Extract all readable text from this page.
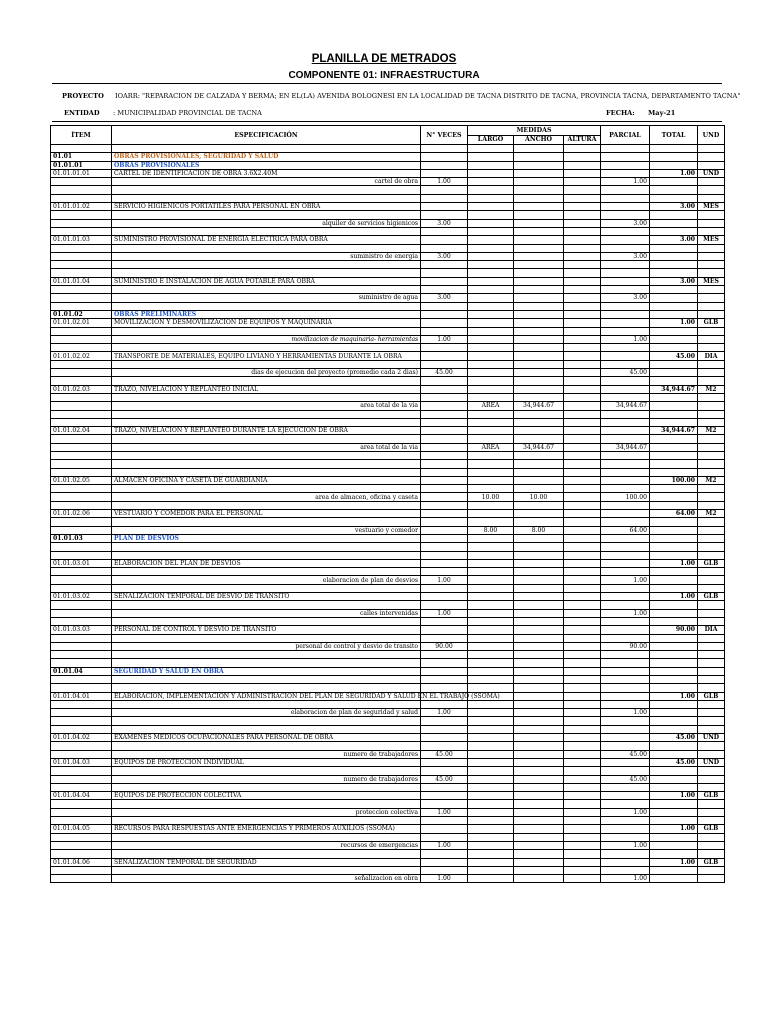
PLANILLA DE METRADOS
COMPONENTE 01: INFRAESTRUCTURA
PROYECTO IOARR: "REPARACION DE CALZADA Y BERMA; EN EL(LA) AVENIDA BOLOGNESI EN LA LOCALIDAD DE TACNA DISTRITO DE TACNA, PROVINCIA TACNA, DEPARTAMENTO TACNA"
ENTIDAD : MUNICIPALIDAD PROVINCIAL DE TACNA	FECHA: May-21
ÍTEM	ESPECIFICACIÓN	N° VECES	MEDIDAS			PARCIAL	TOTAL	UND
			LARGO	ANCHO	ALTURA			

01.01	OBRAS PROVISIONALES, SEGURIDAD Y SALUD							
01.01.01	OBRAS PROVISIONALES							
01.01.01.01	CARTEL DE IDENTIFICACION DE OBRA 3.6X2.40M						1.00	UND
	cartel de obra	1.00				1.00		

01.01.01.02	SERVICIO HIGIENICOS PORTATILES PARA PERSONAL EN OBRA						3.00	MES

	alquiler de servicios higienicos	3.00				3.00		

01.01.01.03	SUMINISTRO PROVISIONAL DE ENERGIA ELECTRICA PARA OBRA						3.00	MES

	suministro de energia	3.00				3.00		

01.01.01.04	SUMINISTRO E INSTALACION DE AGUA POTABLE PARA OBRA						3.00	MES

	suministro de agua	3.00				3.00		

01.01.02	OBRAS PRELIMINARES							
01.01.02.01	MOVILIZACION Y DESMOVILIZACION DE EQUIPOS Y MAQUINARIA						1.00	GLB

	movilizacion de maquinaria- herramientas	1.00				1.00		

01.01.02.02	TRANSPORTE DE MATERIALES, EQUIPO LIVIANO Y HERRAMIENTAS DURANTE LA OBRA						45.00	DIA

	dias de ejecucion del proyecto (promedio cada 2 dias)	45.00				45.00		

01.01.02.03	TRAZO, NIVELACION Y REPLANTEO INICIAL						34,944.67	M2

	area total de la via		AREA	34,944.67		34,944.67		

01.01.02.04	TRAZO, NIVELACION Y REPLANTEO DURANTE LA EJECUCION DE OBRA						34,944.67	M2

	area total de la via		AREA	34,944.67		34,944.67		

01.01.02.05	ALMACEN OFICINA Y CASETA DE GUARDIANIA						100.00	M2

	area de almacen, oficina y caseta		10.00	10.00		100.00		

01.01.02.06	VESTUARIO Y COMEDOR PARA EL PERSONAL						64.00	M2

	vestuario y comedor		8.00	8.00		64.00		
01.01.03	PLAN DE DESVIOS							

01.01.03.01	ELABORACION DEL PLAN DE DESVIOS						1.00	GLB

	elaboracion de plan de desvios	1.00				1.00		

01.01.03.02	SEÑALIZACION TEMPORAL DE DESVIO DE TRANSITO						1.00	GLB

	calles intervenidas	1.00				1.00		

01.01.03.03	PERSONAL DE CONTROL Y DESVIO DE TRANSITO						90.00	DIA

	personal de control y desvio de transito	90.00				90.00		

01.01.04	SEGURIDAD Y SALUD EN OBRA							

01.01.04.01	ELABORACION, IMPLEMENTACION Y ADMINISTRACION DEL PLAN DE SEGURIDAD Y SALUD EN EL TRABAJO (SSOMA)						1.00	GLB

	elaboracion de plan de seguridad y salud	1.00				1.00		

01.01.04.02	EXAMENES MEDICOS OCUPACIONALES PARA PERSONAL DE OBRA						45.00	UND

	numero de trabajadores	45.00				45.00		
01.01.04.03	EQUIPOS DE PROTECCION INDIVIDUAL						45.00	UND

	numero de trabajadores	45.00				45.00		

01.01.04.04	EQUIPOS DE PROTECCION COLECTIVA						1.00	GLB

	proteccion colectiva	1.00				1.00		

01.01.04.05	RECURSOS PARA RESPUESTAS ANTE EMERGENCIAS Y PRIMEROS AUXILIOS (SSOMA)						1.00	GLB

	recursos de emergencias	1.00				1.00		

01.01.04.06	SEÑALIZACION TEMPORAL DE SEGURIDAD						1.00	GLB

	señalizacion en obra	1.00				1.00		
